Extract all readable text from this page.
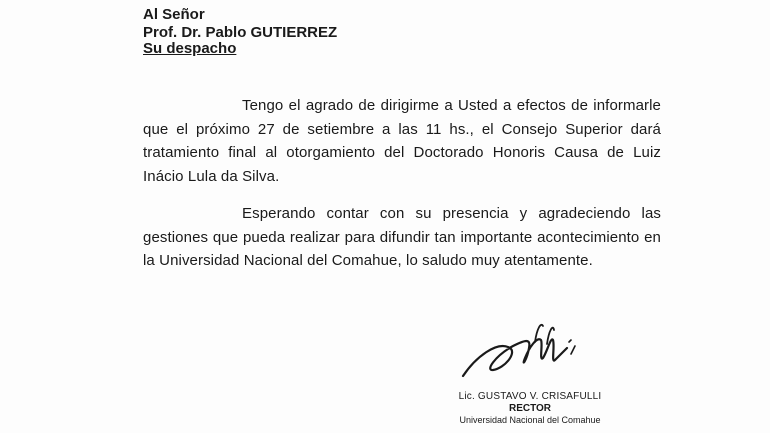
Al Señor
Prof. Dr. Pablo GUTIERREZ
Su despacho
Tengo el agrado de dirigirme a Usted a efectos de informarle que el próximo 27 de setiembre a las 11 hs., el Consejo Superior dará tratamiento final al otorgamiento del Doctorado Honoris Causa de Luiz Inácio Lula da Silva.
Esperando contar con su presencia y agradeciendo las gestiones que pueda realizar para difundir tan importante acontecimiento en la Universidad Nacional del Comahue, lo saludo muy atentamente.
Lic. GUSTAVO V. CRISAFULLI
RECTOR
Universidad Nacional del Comahue
